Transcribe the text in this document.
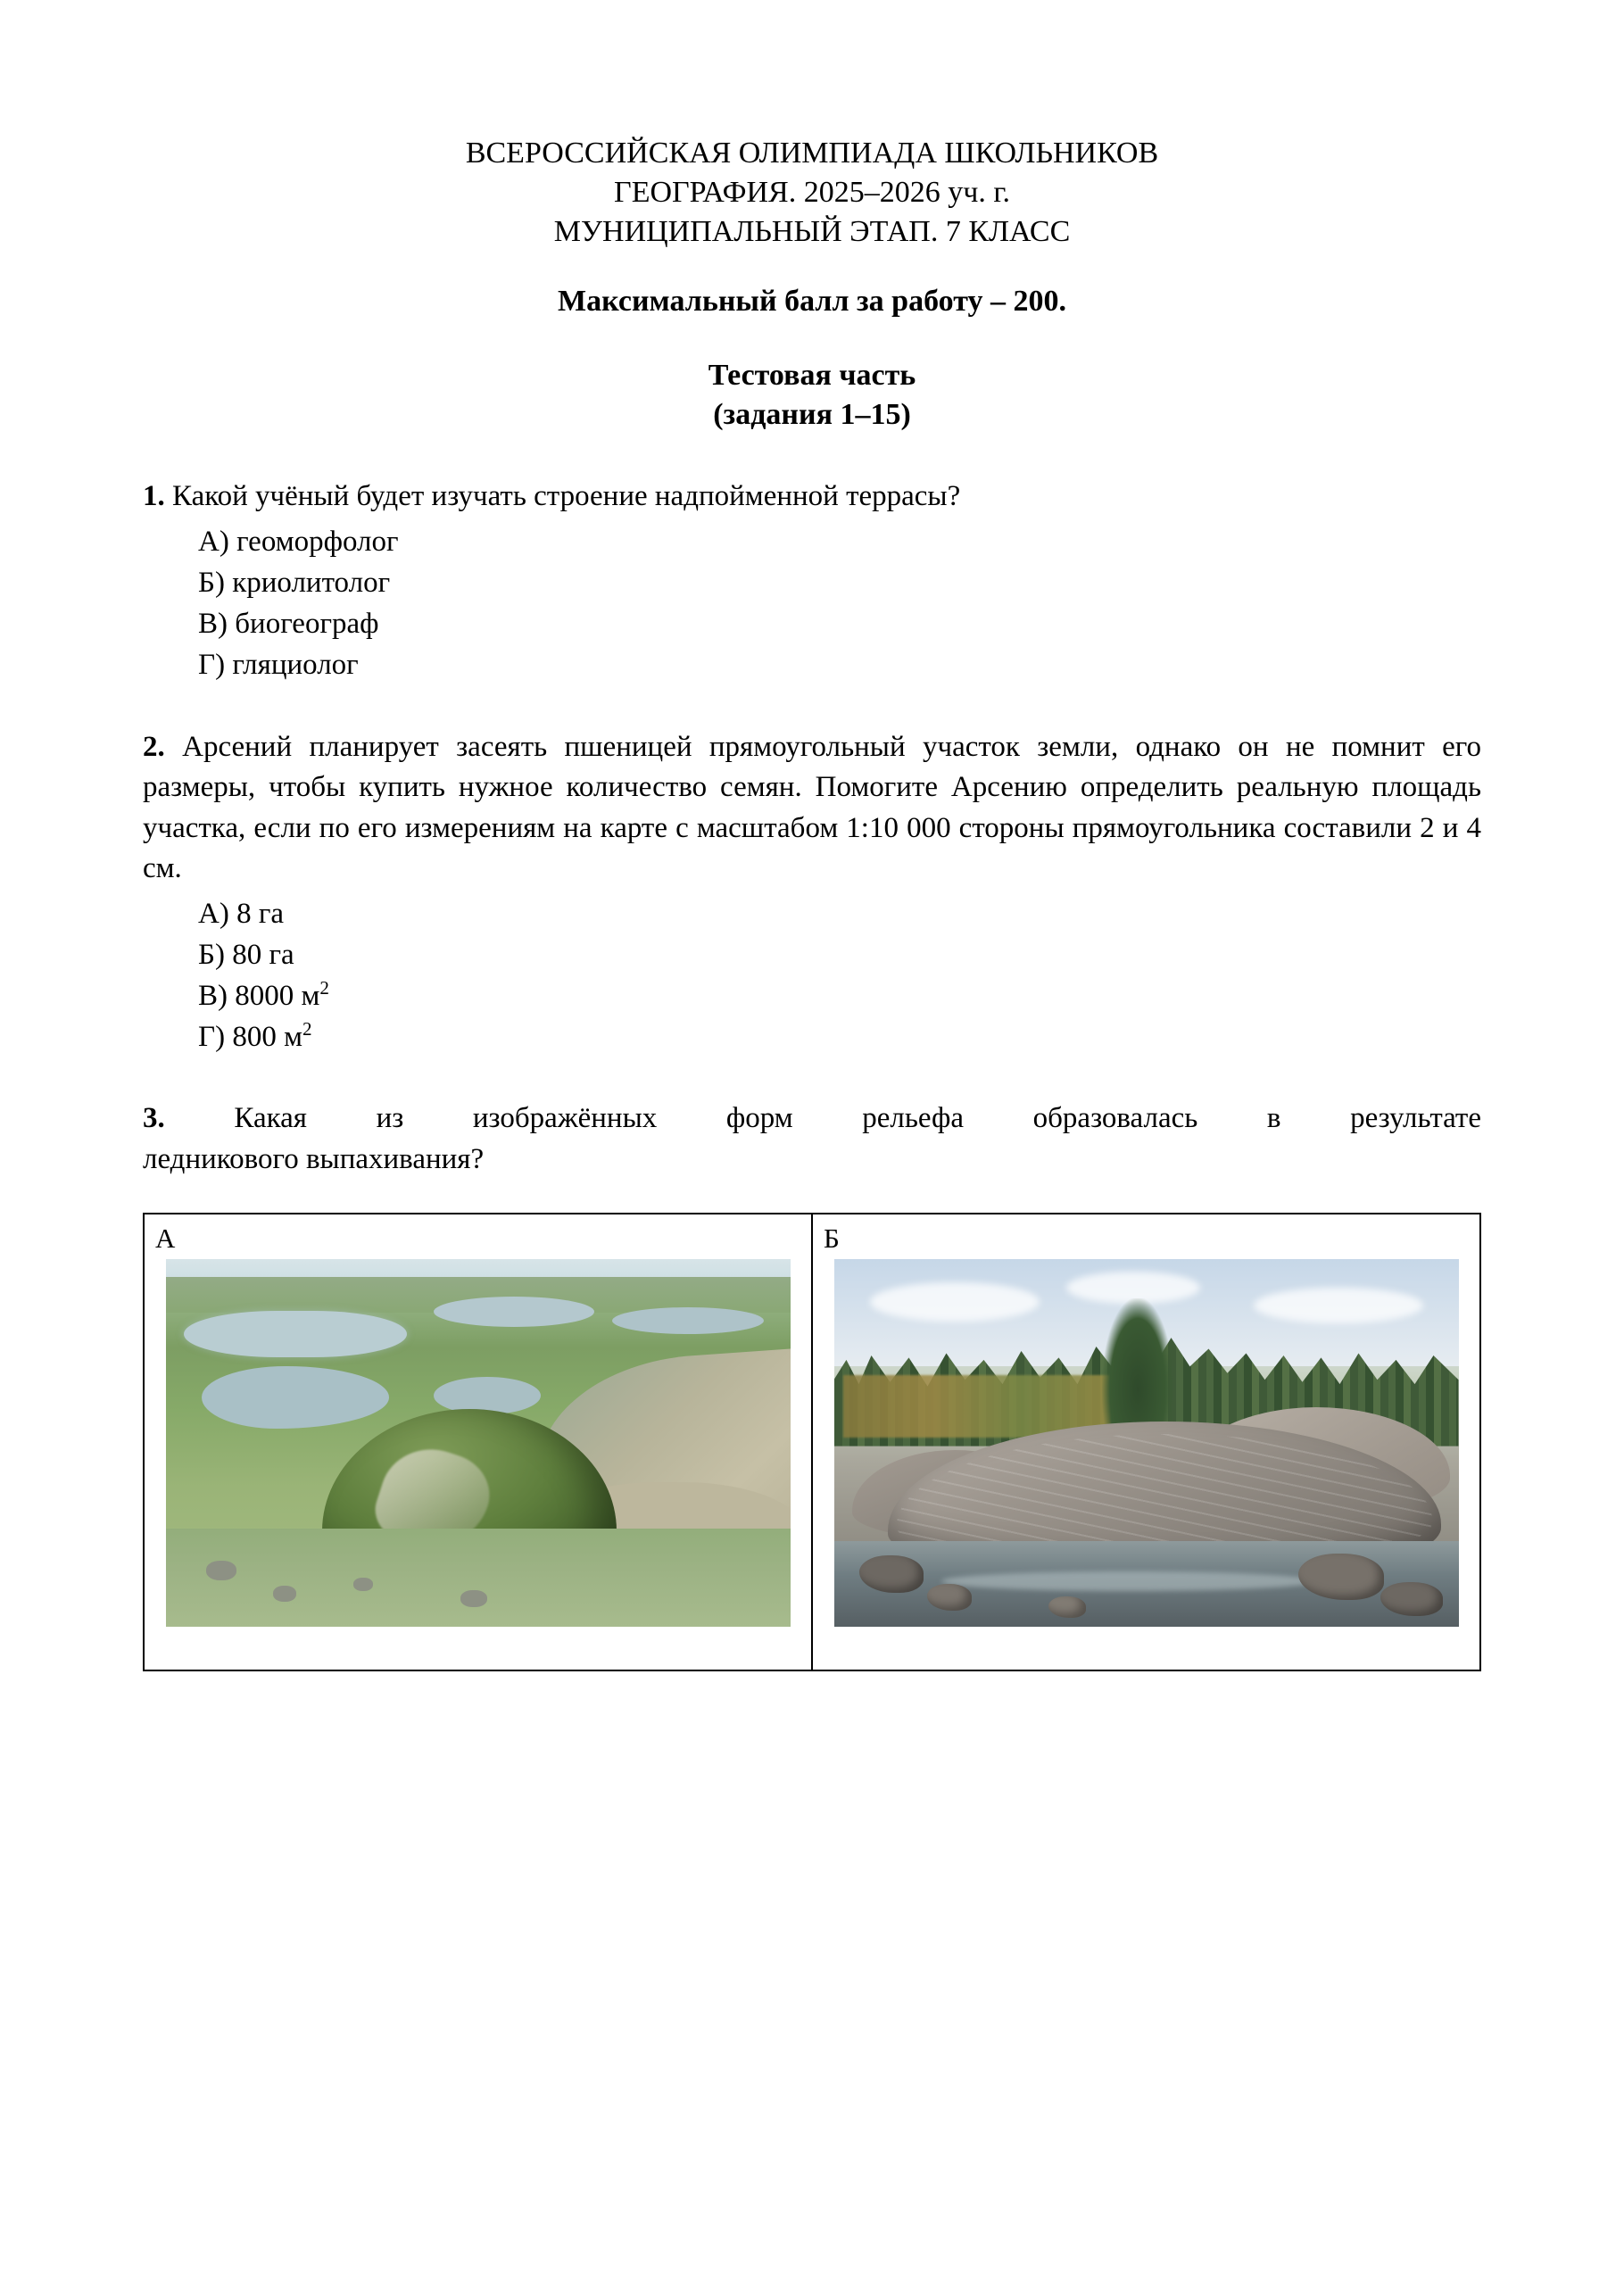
ВСЕРОССИЙСКАЯ ОЛИМПИАДА ШКОЛЬНИКОВ
ГЕОГРАФИЯ. 2025–2026 уч. г.
МУНИЦИПАЛЬНЫЙ ЭТАП. 7 КЛАСС
Максимальный балл за работу – 200.
Тестовая часть
(задания 1–15)
1. Какой учёный будет изучать строение надпойменной террасы?
А) геоморфолог
Б) криолитолог
В) биогеограф
Г) гляциолог
2. Арсений планирует засеять пшеницей прямоугольный участок земли, однако он не помнит его размеры, чтобы купить нужное количество семян. Помогите Арсению определить реальную площадь участка, если по его измерениям на карте с масштабом 1:10 000 стороны прямоугольника составили 2 и 4 см.
А) 8 га
Б) 80 га
В) 8000 $м^2$
Г) 800 $м^2$
3. Какая из изображённых форм рельефа образовалась в результате
ледникового выпахивания?
А	Б
